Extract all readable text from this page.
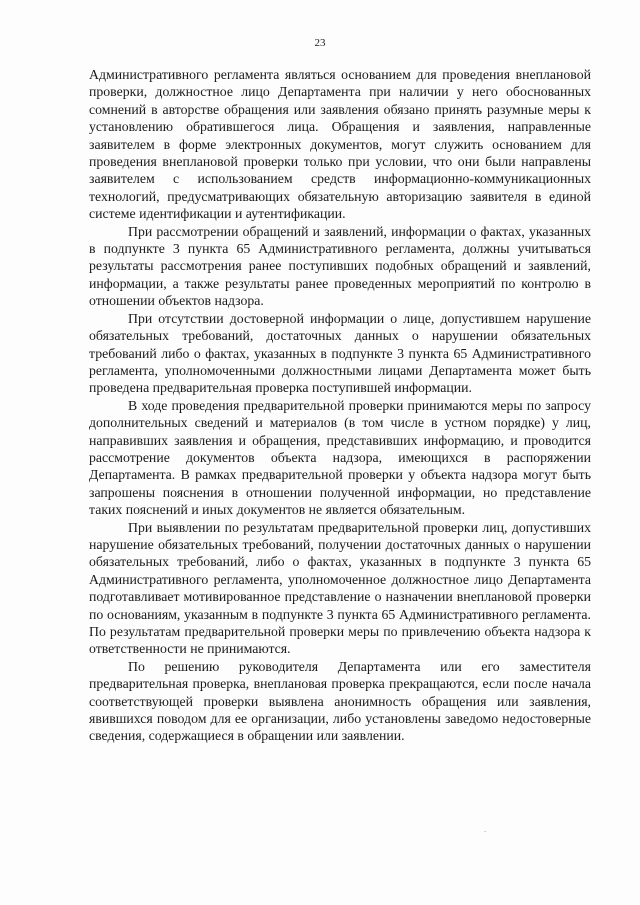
23

Административного регламента являться основанием для проведения внеплановой проверки, должностное лицо Департамента при наличии у него обоснованных сомнений в авторстве обращения или заявления обязано принять разумные меры к установлению обратившегося лица. Обращения и заявления, направленные заявителем в форме электронных документов, могут служить основанием для проведения внеплановой проверки только при условии, что они были направлены заявителем с использованием средств информационно-коммуникационных технологий, предусматривающих обязательную авторизацию заявителя в единой системе идентификации и аутентификации.

При рассмотрении обращений и заявлений, информации о фактах, указанных в подпункте 3 пункта 65 Административного регламента, должны учитываться результаты рассмотрения ранее поступивших подобных обращений и заявлений, информации, а также результаты ранее проведенных мероприятий по контролю в отношении объектов надзора.

При отсутствии достоверной информации о лице, допустившем нарушение обязательных требований, достаточных данных о нарушении обязательных требований либо о фактах, указанных в подпункте 3 пункта 65 Административного регламента, уполномоченными должностными лицами Департамента может быть проведена предварительная проверка поступившей информации.

В ходе проведения предварительной проверки принимаются меры по запросу дополнительных сведений и материалов (в том числе в устном порядке) у лиц, направивших заявления и обращения, представивших информацию, и проводится рассмотрение документов объекта надзора, имеющихся в распоряжении Департамента. В рамках предварительной проверки у объекта надзора могут быть запрошены пояснения в отношении полученной информации, но представление таких пояснений и иных документов не является обязательным.

При выявлении по результатам предварительной проверки лиц, допустивших нарушение обязательных требований, получении достаточных данных о нарушении обязательных требований, либо о фактах, указанных в подпункте 3 пункта 65 Административного регламента, уполномоченное должностное лицо Департамента подготавливает мотивированное представление о назначении внеплановой проверки по основаниям, указанным в подпункте 3 пункта 65 Административного регламента. По результатам предварительной проверки меры по привлечению объекта надзора к ответственности не принимаются.

По решению руководителя Департамента или его заместителя предварительная проверка, внеплановая проверка прекращаются, если после начала соответствующей проверки выявлена анонимность обращения или заявления, явившихся поводом для ее организации, либо установлены заведомо недостоверные сведения, содержащиеся в обращении или заявлении.

·
